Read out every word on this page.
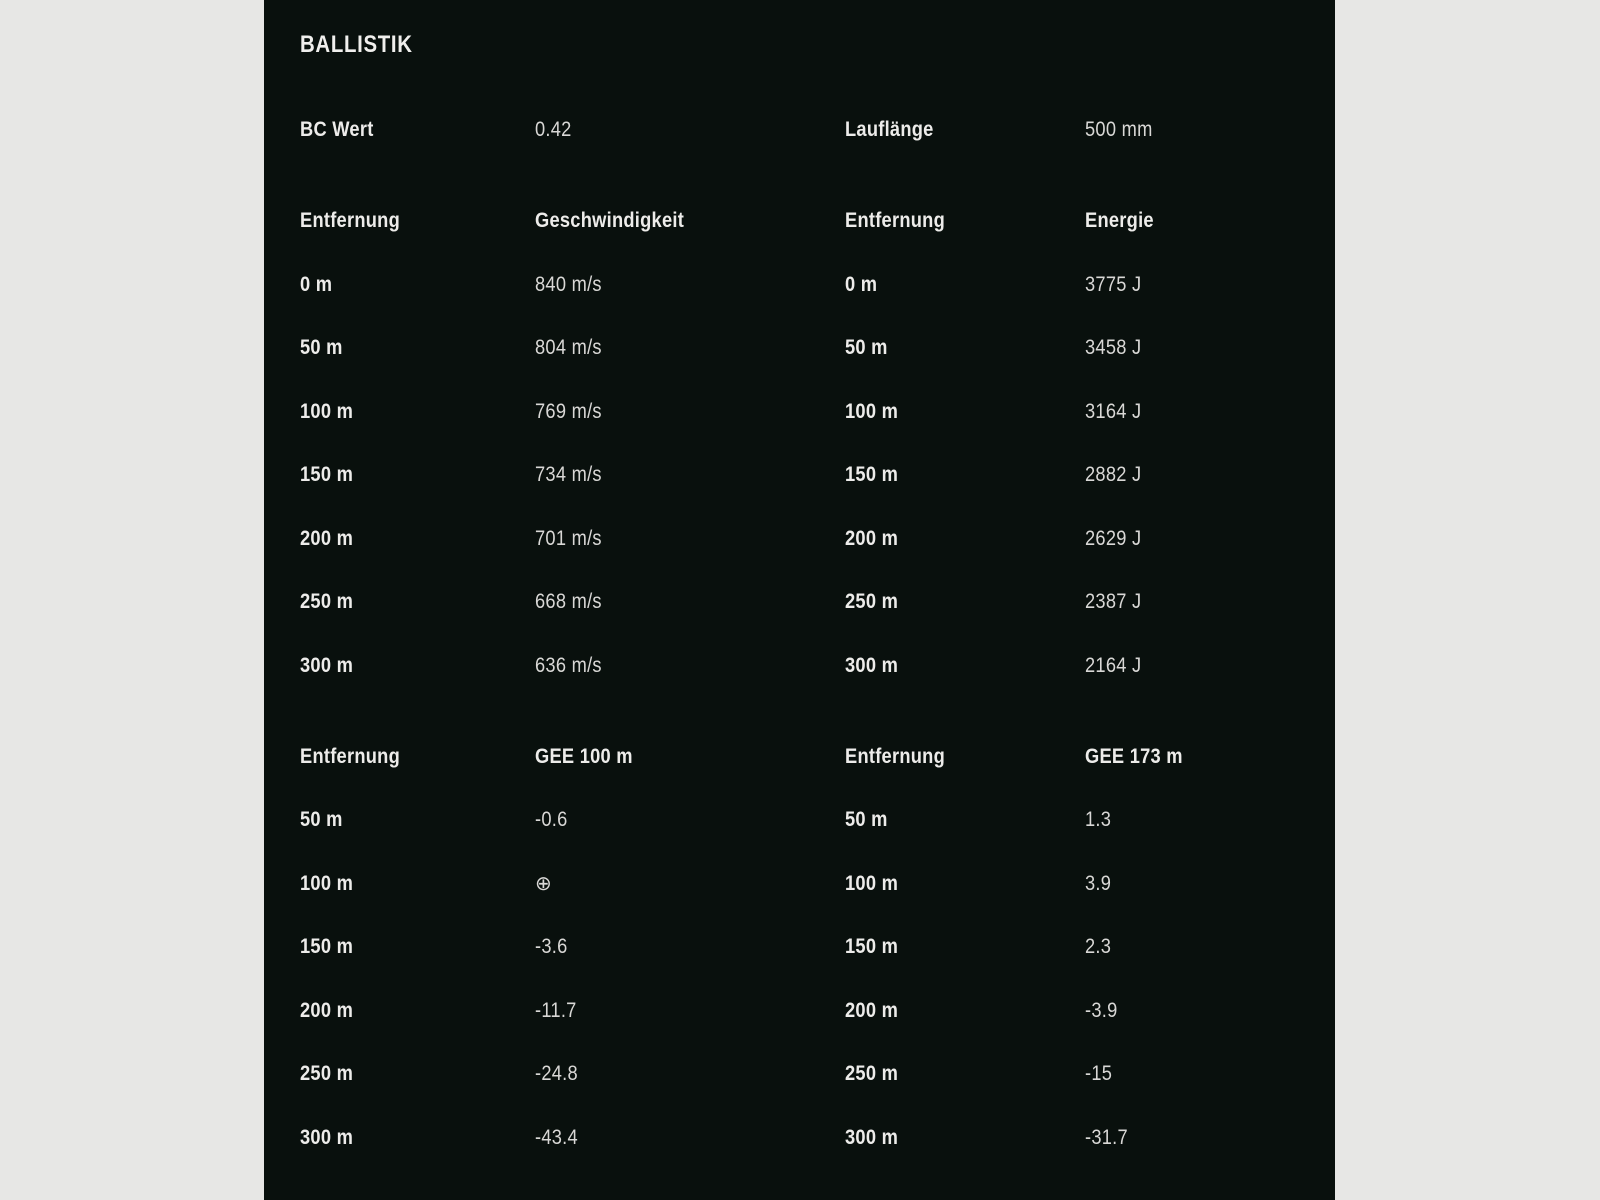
BALLISTIK
BC Wert	0.42	Lauflänge	500 mm
Entfernung	Geschwindigkeit	Entfernung	Energie
0 m	840 m/s	0 m	3775 J
50 m	804 m/s	50 m	3458 J
100 m	769 m/s	100 m	3164 J
150 m	734 m/s	150 m	2882 J
200 m	701 m/s	200 m	2629 J
250 m	668 m/s	250 m	2387 J
300 m	636 m/s	300 m	2164 J
Entfernung	GEE 100 m	Entfernung	GEE 173 m
50 m	-0.6	50 m	1.3
100 m	⊕	100 m	3.9
150 m	-3.6	150 m	2.3
200 m	-11.7	200 m	-3.9
250 m	-24.8	250 m	-15
300 m	-43.4	300 m	-31.7
